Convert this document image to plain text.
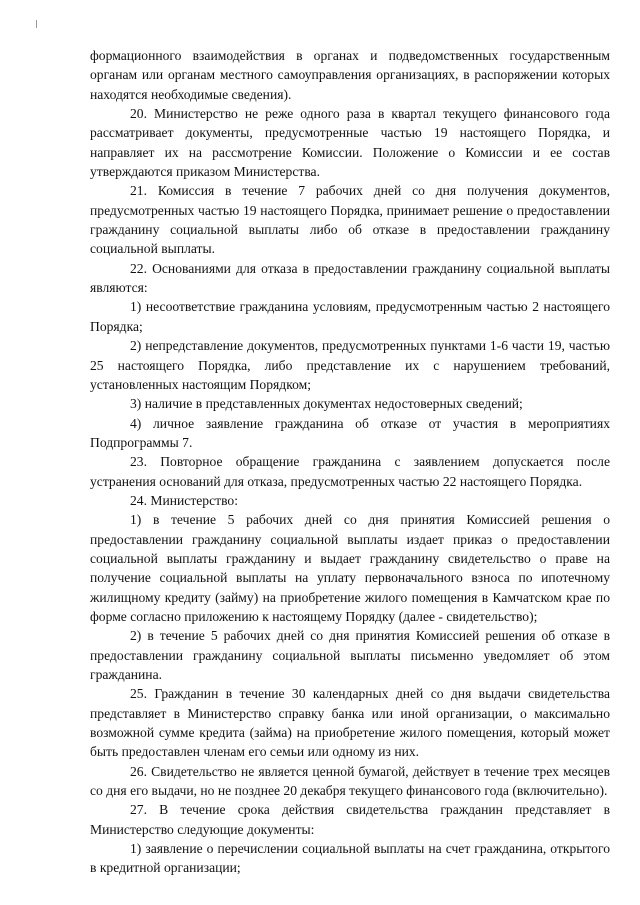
формационного взаимодействия в органах и подведомственных государственным органам или органам местного самоуправления организациях, в распоряжении которых находятся необходимые сведения).

20. Министерство не реже одного раза в квартал текущего финансового года рассматривает документы, предусмотренные частью 19 настоящего Порядка, и направляет их на рассмотрение Комиссии. Положение о Комиссии и ее состав утверждаются приказом Министерства.

21. Комиссия в течение 7 рабочих дней со дня получения документов, предусмотренных частью 19 настоящего Порядка, принимает решение о предоставлении гражданину социальной выплаты либо об отказе в предоставлении гражданину социальной выплаты.

22. Основаниями для отказа в предоставлении гражданину социальной выплаты являются:

1) несоответствие гражданина условиям, предусмотренным частью 2 настоящего Порядка;

2) непредставление документов, предусмотренных пунктами 1-6 части 19, частью 25 настоящего Порядка, либо представление их с нарушением требований, установленных настоящим Порядком;

3) наличие в представленных документах недостоверных сведений;

4) личное заявление гражданина об отказе от участия в мероприятиях Подпрограммы 7.

23. Повторное обращение гражданина с заявлением допускается после устранения оснований для отказа, предусмотренных частью 22 настоящего Порядка.

24. Министерство:

1) в течение 5 рабочих дней со дня принятия Комиссией решения о предоставлении гражданину социальной выплаты издает приказ о предоставлении социальной выплаты гражданину и выдает гражданину свидетельство о праве на получение социальной выплаты на уплату первоначального взноса по ипотечному жилищному кредиту (займу) на приобретение жилого помещения в Камчатском крае по форме согласно приложению к настоящему Порядку (далее - свидетельство);

2) в течение 5 рабочих дней со дня принятия Комиссией решения об отказе в предоставлении гражданину социальной выплаты письменно уведомляет об этом гражданина.

25. Гражданин в течение 30 календарных дней со дня выдачи свидетельства представляет в Министерство справку банка или иной организации, о максимально возможной сумме кредита (займа) на приобретение жилого помещения, который может быть предоставлен членам его семьи или одному из них.

26. Свидетельство не является ценной бумагой, действует в течение трех месяцев со дня его выдачи, но не позднее 20 декабря текущего финансового года (включительно).

27. В течение срока действия свидетельства гражданин представляет в Министерство следующие документы:

1) заявление о перечислении социальной выплаты на счет гражданина, открытого в кредитной организации;
